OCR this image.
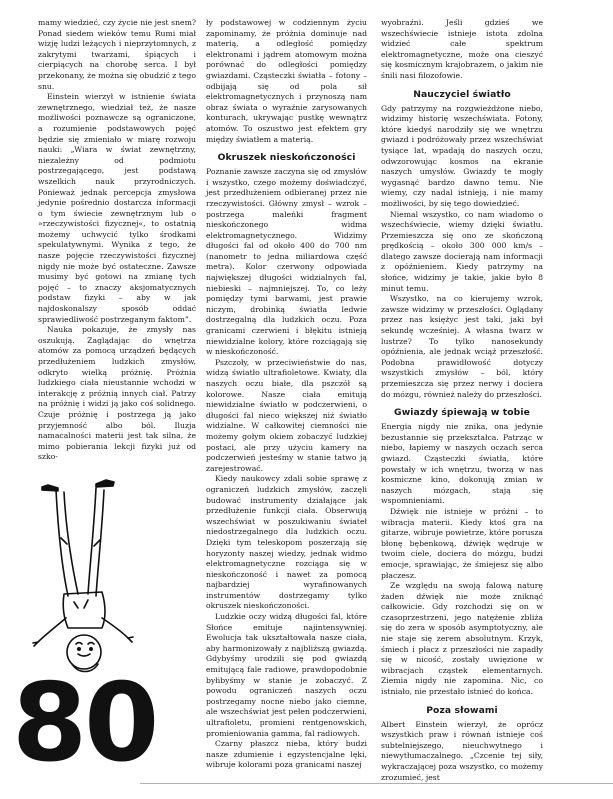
mamy wiedzieć, czy życie nie jest snem? Ponad siedem wieków temu Rumi miał wizję ludzi leżących i nieprzytomnych, z zakrytymi twarzami, śpiących i cierpiących na chorobę serca. I był przekonany, że można się obudzić z tego snu.

Einstein wierzył w istnienie świata zewnętrznego, wiedział też, że nasze możliwości poznawcze są ograniczone, a rozumienie podstawowych pojęć będzie się zmieniało w miarę rozwoju nauki: „Wiara w świat zewnętrzny, niezależny od podmiotu postrzegającego, jest podstawą wszelkich nauk przyrodniczych. Ponieważ jednak percepcja zmysłowa jedynie pośrednio dostarcza informacji o tym świecie zewnętrznym lub o »rzeczywistości fizycznej«, to ostatnią możemy uchwycić tylko środkami spekulatywnymi. Wynika z tego, że nasze pojęcie rzeczywistości fizycznej nigdy nie może być ostateczne. Zawsze musimy być gotowi na zmianę tych pojęć – to znaczy aksjomatycznych podstaw fizyki – aby w jak najdoskonalszy sposób oddać sprawiedliwość postrzeganym faktom”.

Nauka pokazuje, że zmysły nas oszukują. Zaglądając do wnętrza atomów za pomocą urządzeń będących przedłużeniem ludzkich zmysłów, odkryto wielką próżnię. Próżnia ludzkiego ciała nieustannie wchodzi w interakcję z próżnią innych ciał. Patrzy na próżnię i widzi ją jako coś solidnego. Czuje próżnię i postrzega ją jako przyjemność albo ból. Iluzja namacalności materii jest tak silna, że mimo pobierania lekcji fizyki już od szko-

ły podstawowej w codziennym życiu zapominamy, że próżnia dominuje nad materią, a odległość pomiędzy elektronami i jądrem atomowym można porównać do odległości pomiędzy gwiazdami. Cząsteczki światła – fotony – odbijają się od pola sił elektromagnetycznych i przynoszą nam obraz świata o wyraźnie zarysowanych konturach, ukrywając pustkę wewnątrz atomów. To oszustwo jest efektem gry między światłem a materią.

Okruszek nieskończoności

Poznanie zawsze zaczyna się od zmysłów i wszystko, czego możemy doświadczyć, jest przedłużeniem odbieranej przez nie rzeczywistości. Główny zmysł – wzrok – postrzega maleńki fragment nieskończonego widma elektromagnetycznego. Widzimy długości fal od około 400 do 700 nm (nanometr to jedna miliardowa część metra). Kolor czerwony odpowiada największej długości widzialnych fal, niebieski – najmniejszej. To, co leży pomiędzy tymi barwami, jest prawie niczym, drobinką światła ledwie dostrzegalną dla ludzkich oczu. Poza granicami czerwieni i błękitu istnieją niewidzialne kolory, które rozciągają się w nieskończoność.

Pszczoły, w przeciwieństwie do nas, widzą światło ultrafioletowe. Kwiaty, dla naszych oczu białe, dla pszczół są kolorowe. Nasze ciała emitują niewidzialne światło w podczerwieni, o długości fal nieco większej niż światło widzialne. W całkowitej ciemności nie możemy gołym okiem zobaczyć ludzkiej postaci, ale przy użyciu kamery na podczerwień jesteśmy w stanie tatwo ją zarejestrować.

Kiedy naukowcy zdali sobie sprawę z ograniczeń ludzkich zmysłów, zaczęli budować instrumenty działające jak przedłużenie funkcji ciała. Obserwują wszechświat w poszukiwaniu świateł niedostrzegalnego dla ludzkich oczu. Dzięki tym teleskopom poszerzają się horyzonty naszej wiedzy, jednak widmo elektromagnetyczne rozciąga się w nieskończoność i nawet za pomocą najbardziej wyrafinowanych instrumentów dostrzegamy tylko okruszek nieskończoności.

Ludzkie oczy widzą długości fal, które Słońce emituje najintensywniej. Ewolucja tak ukształtowała nasze ciała, aby harmonizowały z najbliższą gwiazdą. Gdybyśmy urodzili się pod gwiazdą emitującą fale radiowe, prawdopodobnie byłibyśmy w stanie je zobaczyć. Z powodu ograniczeń naszych oczu postrzegamy nocne niebo jako ciemne, ale wszechświat jest pełen podczerwieni, ultrafioletu, promieni rentgenowskich, promieniowania gamma, fal radiowych.

Czarny płaszcz nieba, który budzi nasze zdumienie i egzystencjalne lęki, wibruje kolorami poza granicami naszej

wyobraźni. Jeśli gdzieś we wszechświecie istnieje istota zdolna widzieć całe spektrum elektromagnetyczne, może ona cieszyć się kosmicznym krajobrazem, o jakim nie śnili nasi filozofowie.

Nauczyciel światło

Gdy patrzymy na rozgwieżdżone niebo, widzimy historię wszechświata. Fotony, które kiedyś narodziły się we wnętrzu gwiazd i podróżowały przez wszechświat tysiące lat, wpadają do naszych oczu, odwzorowując kosmos na ekranie naszych umysłów. Gwiazdy te mogły wygasnąć bardzo dawno temu. Nie wiemy, czy nadal istnieją, i nie mamy możliwości, by się tego dowiedzieć.

Niemal wszystko, co nam wiadomo o wszechświecie, wiemy dzięki światłu. Przemieszcza się ono ze skończoną prędkością – około 300 000 km/s – dlatego zawsze docierają nam informacji z opóźnieniem. Kiedy patrzymy na słońce, widzimy je takie, jakie było 8 minut temu.

Wszystko, na co kierujemy wzrok, zawsze widzimy w przeszłości. Oglądany przez nas księżyc jest taki, jaki był sekundę wcześniej. A własna twarz w lustrze? To tylko nanosekundy opóźnienia, ale jednak wciąż przeszłość. Podobna prawidłowość dotyczy wszystkich zmysłów – ból, który przemieszcza się przez nerwy i dociera do mózgu, również należy do przeszłości.

Gwiazdy śpiewają w tobie

Energia nigdy nie znika, ona jedynie bezustannie się przekształca. Patrząc w niebo, łapiemy w naszych oczach serca gwiazd. Cząsteczki światła, które powstały w ich wnętrzu, tworzą w nas kosmiczne kino, dokonują zmian w naszych mózgach, stają się wspomnieniami.

Dźwięk nie istnieje w próżni – to wibracja materii. Kiedy ktoś gra na gitarze, wibruje powietrze, które porusza błonę bębenkową, dźwięk wędruje w twoim ciele, dociera do mózgu, budzi emocje, sprawiając, że śmiejesz się albo płaczesz.

Ze względu na swoją falową naturę żaden dźwięk nie może zniknąć całkowicie. Gdy rozchodzi się on w czasoprzestrzeni, jego natężenie zbliża się do zera w sposób asymptotyczny, ale nie staje się zerem absolutnym. Krzyk, śmiech i płacz z przeszłości nie zapadły się w nicość, zostały uwięzione w wibracjach cząstek elementarnych. Ziemia nigdy nie zapomina. Nic, co istniało, nie przestało istnieć do końca.

Poza słowami

Albert Einstein wierzył, że oprócz wszystkich praw i równań istnieje coś subtelniejszego, nieuchwytnego i niewytłumaczalnego. „Czcenie tej siły, wykraczającej poza wszystko, co możemy zrozumieć, jest

80
